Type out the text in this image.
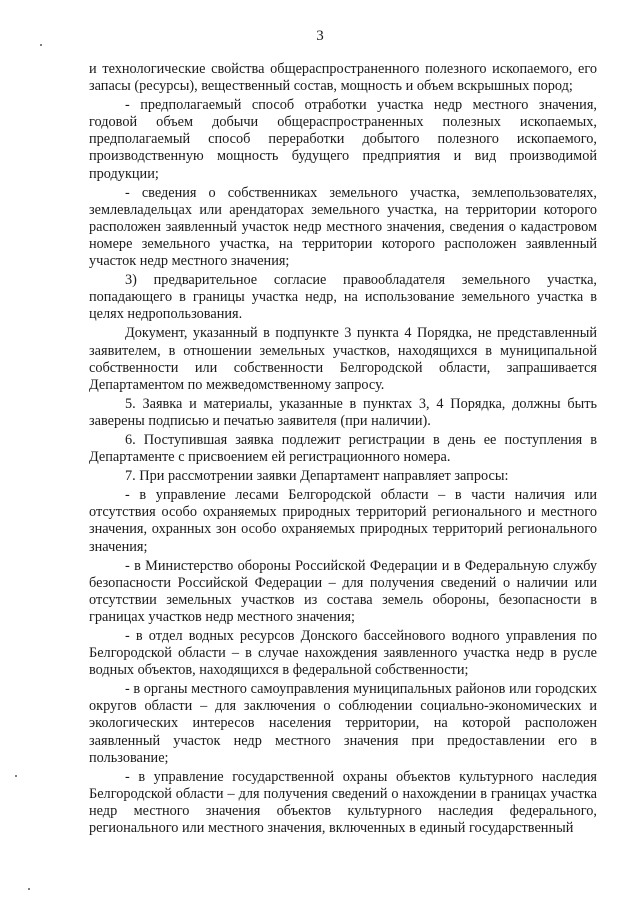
3

и технологические свойства общераспространенного полезного ископаемого, его запасы (ресурсы), вещественный состав, мощность и объем вскрышных пород;

- предполагаемый способ отработки участка недр местного значения, годовой объем добычи общераспространенных полезных ископаемых, предполагаемый способ переработки добытого полезного ископаемого, производственную мощность будущего предприятия и вид производимой продукции;

- сведения о собственниках земельного участка, землепользователях, землевладельцах или арендаторах земельного участка, на территории которого расположен заявленный участок недр местного значения, сведения о кадастровом номере земельного участка, на территории которого расположен заявленный участок недр местного значения;

3) предварительное согласие правообладателя земельного участка, попадающего в границы участка недр, на использование земельного участка в целях недропользования.

Документ, указанный в подпункте 3 пункта 4 Порядка, не представленный заявителем, в отношении земельных участков, находящихся в муниципальной собственности или собственности Белгородской области, запрашивается Департаментом по межведомственному запросу.

5. Заявка и материалы, указанные в пунктах 3, 4 Порядка, должны быть заверены подписью и печатью заявителя (при наличии).

6. Поступившая заявка подлежит регистрации в день ее поступления в Департаменте с присвоением ей регистрационного номера.

7. При рассмотрении заявки Департамент направляет запросы:

- в управление лесами Белгородской области – в части наличия или отсутствия особо охраняемых природных территорий регионального и местного значения, охранных зон особо охраняемых природных территорий регионального значения;

- в Министерство обороны Российской Федерации и в Федеральную службу безопасности Российской Федерации – для получения сведений о наличии или отсутствии земельных участков из состава земель обороны, безопасности в границах участков недр местного значения;

- в отдел водных ресурсов Донского бассейнового водного управления по Белгородской области – в случае нахождения заявленного участка недр в русле водных объектов, находящихся в федеральной собственности;

- в органы местного самоуправления муниципальных районов или городских округов области – для заключения о соблюдении социально-экономических и экологических интересов населения территории, на которой расположен заявленный участок недр местного значения при предоставлении его в пользование;

- в управление государственной охраны объектов культурного наследия Белгородской области – для получения сведений о нахождении в границах участка недр местного значения объектов культурного наследия федерального, регионального или местного значения, включенных в единый государственный
